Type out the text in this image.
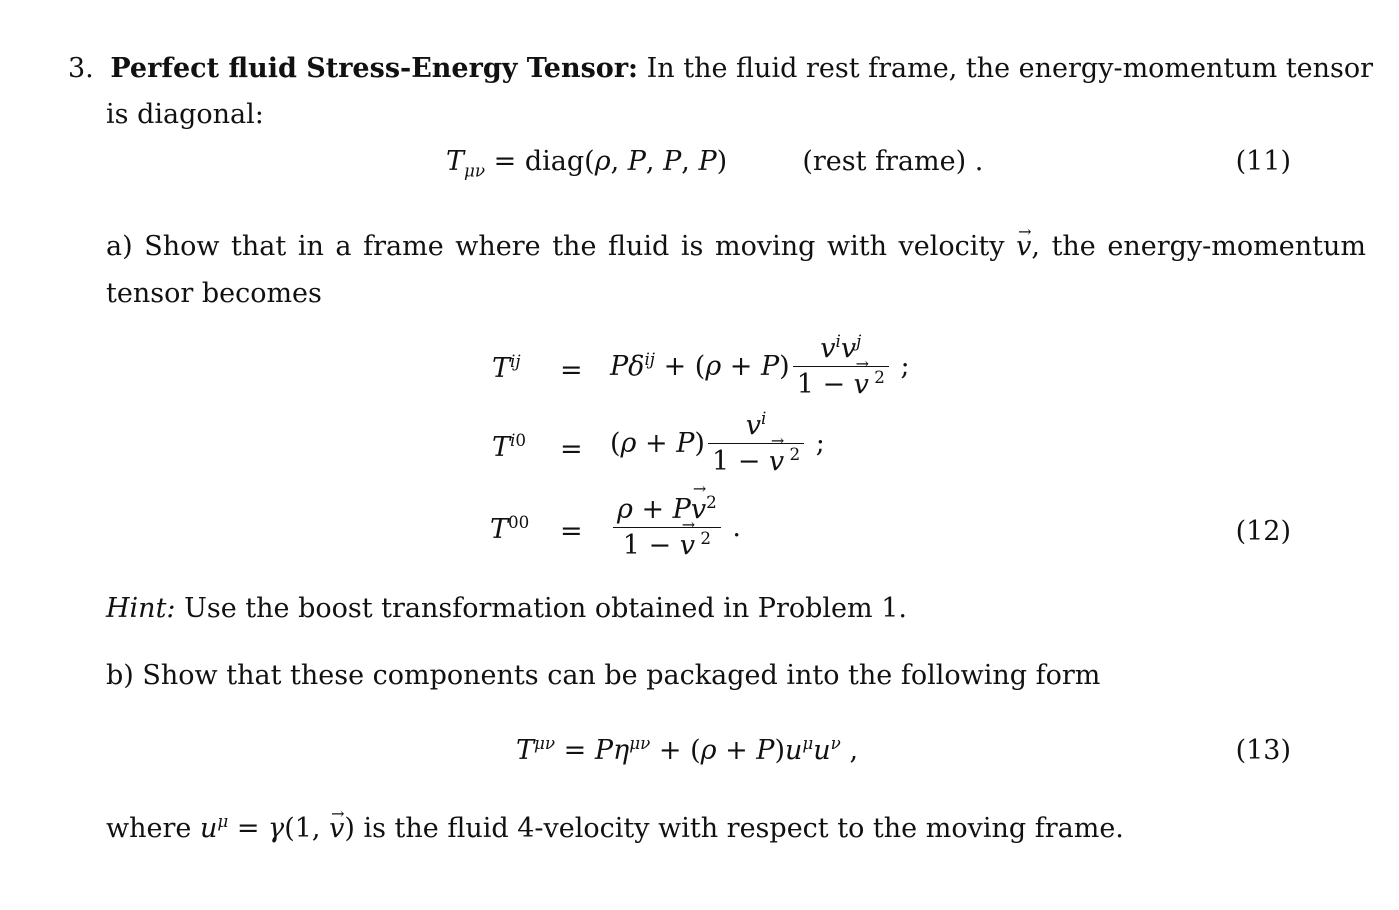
3. Perfect fluid Stress-Energy Tensor: In the fluid rest frame, the energy-momentum tensor
is diagonal:
$T_{\mu\nu}$ = diag(ρ, P, P, P)  (rest frame) .	(11)
a) Show that in a frame where the fluid is moving with velocity → v, the energy-momentum
tensor becomes
$T^{ij} = P\delta^{ij} + (\rho + P) \frac{v^iv^j}{1 - \to v ^2}$ ;
$T^{i0} = (\rho + P) \frac{v^i}{1 - \to v ^2}$ ;
$T^{00} = \frac{\rho + P\to v^2}{1 - \to v ^2}$ .	(12)
Hint: Use the boost transformation obtained in Problem 1.
b) Show that these components can be packaged into the following form
$T^{\mu\nu} = P\eta^{\mu\nu} + (\rho + P)u^\mu u^\nu$ ,	(13)
where $u^\mu = \gamma(1$, → v) is the fluid 4-velocity with respect to the moving frame.
